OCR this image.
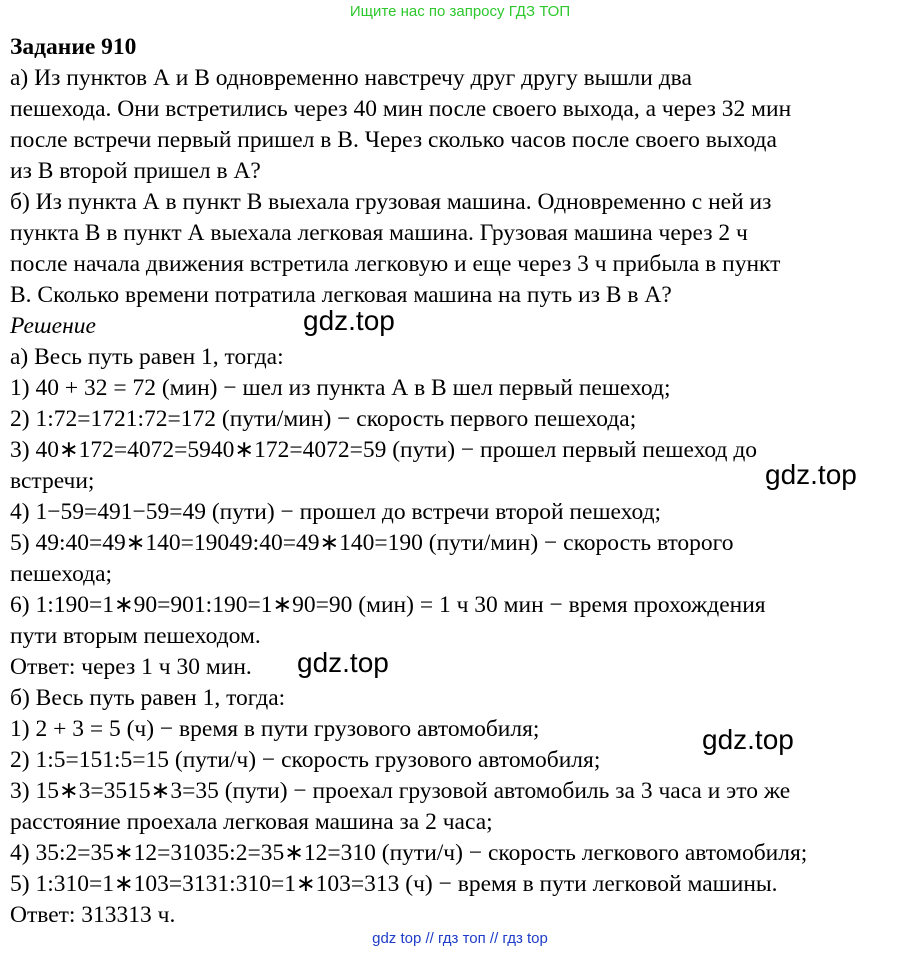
Ищите нас по запросу ГДЗ ТОП
Задание 910
а) Из пунктов А и В одновременно навстречу друг другу вышли два
пешехода. Они встретились через 40 мин после своего выхода, а через 32 мин
после встречи первый пришел в В. Через сколько часов после своего выхода
из В второй пришел в А?
б) Из пункта А в пункт В выехала грузовая машина. Одновременно с ней из
пункта В в пункт А выехала легковая машина. Грузовая машина через 2 ч
после начала движения встретила легковую и еще через 3 ч прибыла в пункт
В. Сколько времени потратила легковая машина на путь из В в А?
Решение
а) Весь путь равен 1, тогда:
1) 40 + 32 = 72 (мин) − шел из пункта А в В шел первый пешеход;
2) 1:72=1721:72=172 (пути/мин) − скорость первого пешехода;
3) 40∗172=4072=5940∗172=4072=59 (пути) − прошел первый пешеход до
встречи;
4) 1−59=491−59=49 (пути) − прошел до встречи второй пешеход;
5) 49:40=49∗140=19049:40=49∗140=190 (пути/мин) − скорость второго
пешехода;
6) 1:190=1∗90=901:190=1∗90=90 (мин) = 1 ч 30 мин − время прохождения
пути вторым пешеходом.
Ответ: через 1 ч 30 мин.
б) Весь путь равен 1, тогда:
1) 2 + 3 = 5 (ч) − время в пути грузового автомобиля;
2) 1:5=151:5=15 (пути/ч) − скорость грузового автомобиля;
3) 15∗3=3515∗3=35 (пути) − проехал грузовой автомобиль за 3 часа и это же
расстояние проехала легковая машина за 2 часа;
4) 35:2=35∗12=31035:2=35∗12=310 (пути/ч) − скорость легкового автомобиля;
5) 1:310=1∗103=3131:310=1∗103=313 (ч) − время в пути легковой машины.
Ответ: 313313 ч.
gdz.top
gdz.top
gdz.top
gdz.top
gdz top // гдз топ // гдз top
